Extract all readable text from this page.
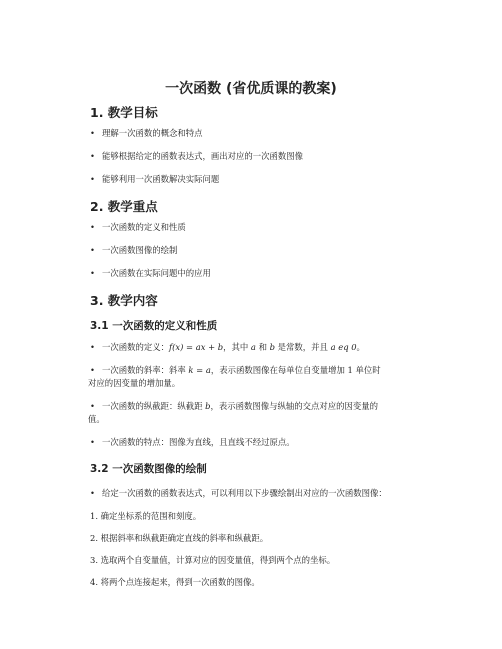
一次函数 (省优质课的教案)
1. 教学目标
• 理解一次函数的概念和特点
• 能够根据给定的函数表达式，画出对应的一次函数图像
• 能够利用一次函数解决实际问题
2. 教学重点
• 一次函数的定义和性质
• 一次函数图像的绘制
• 一次函数在实际问题中的应用
3. 教学内容
3.1 一次函数的定义和性质
• 一次函数的定义：𝑓(𝑥) = 𝑎𝑥 + 𝑏，其中 𝑎 和 𝑏 是常数，并且 𝑎 𝑒𝑞 0。
• 一次函数的斜率：斜率 𝑘 = 𝑎，表示函数图像在每单位自变量增加 1 单位时
对应的因变量的增加量。
• 一次函数的纵截距：纵截距 𝑏，表示函数图像与纵轴的交点对应的因变量的
值。
• 一次函数的特点：图像为直线，且直线不经过原点。
3.2 一次函数图像的绘制
• 给定一次函数的函数表达式，可以利用以下步骤绘制出对应的一次函数图像：
1. 确定坐标系的范围和刻度。
2. 根据斜率和纵截距确定直线的斜率和纵截距。
3. 选取两个自变量值，计算对应的因变量值，得到两个点的坐标。
4. 将两个点连接起来，得到一次函数的图像。
